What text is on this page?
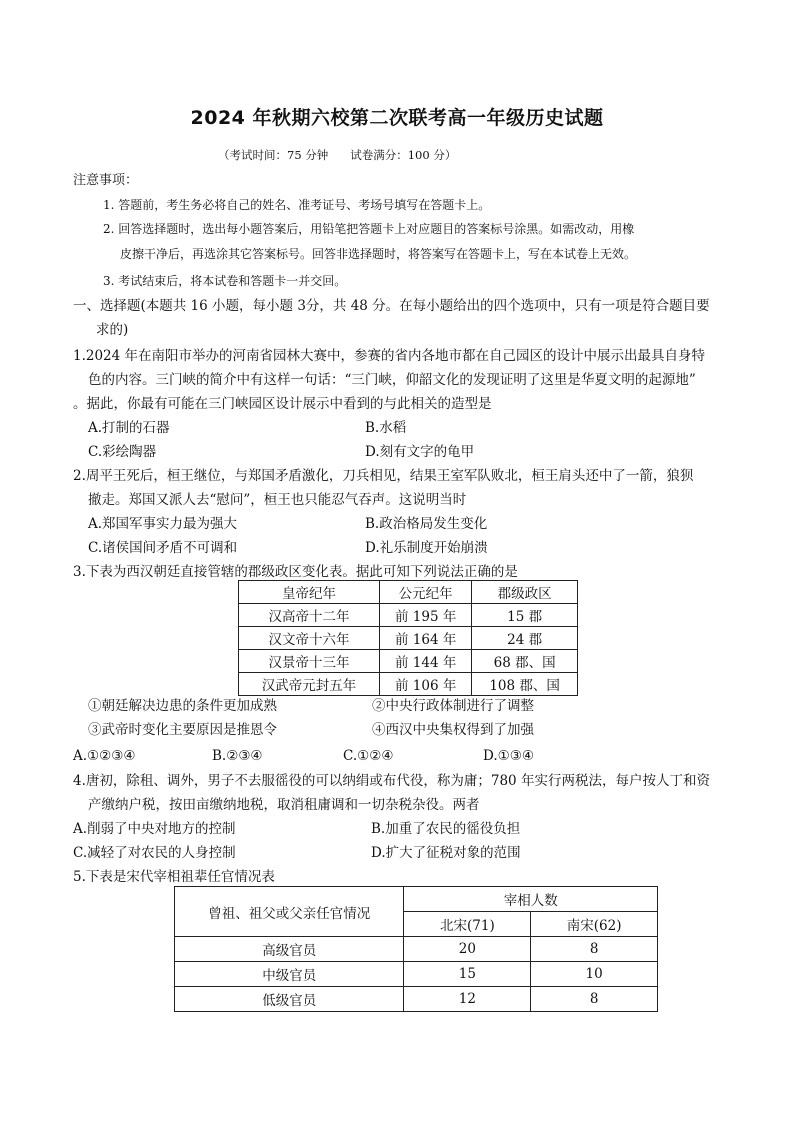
2024 年秋期六校第二次联考高一年级历史试题
（考试时间：75 分钟 试卷满分：100 分）
注意事项：
1. 答题前，考生务必将自己的姓名、准考证号、考场号填写在答题卡上。
2. 回答选择题时，选出每小题答案后，用铅笔把答题卡上对应题目的答案标号涂黑。如需改动，用橡
皮擦干净后，再选涂其它答案标号。回答非选择题时，将答案写在答题卡上，写在本试卷上无效。
3. 考试结束后，将本试卷和答题卡一并交回。
一、选择题(本题共 16 小题，每小题 3分，共 48 分。在每小题给出的四个选项中，只有一项是符合题目要
求的)
1.2024 年在南阳市举办的河南省园林大赛中，参赛的省内各地市都在自己园区的设计中展示出最具自身特
色的内容。三门峡的简介中有这样一句话：“三门峡，仰韶文化的发现证明了这里是华夏文明的起源地”
。据此，你最有可能在三门峡园区设计展示中看到的与此相关的造型是
A.打制的石器	B.水稻
C.彩绘陶器	D.刻有文字的龟甲
2.周平王死后，桓王继位，与郑国矛盾激化，刀兵相见，结果王室军队败北，桓王肩头还中了一箭，狼狈
撤走。郑国又派人去“慰问”，桓王也只能忍气吞声。这说明当时
A.郑国军事实力最为强大	B.政治格局发生变化
C.诸侯国间矛盾不可调和	D.礼乐制度开始崩溃
3.下表为西汉朝廷直接管辖的郡级政区变化表。据此可知下列说法正确的是
皇帝纪年	公元纪年	郡级政区
汉高帝十二年	前 195 年	15 郡
汉文帝十六年	前 164 年	24 郡
汉景帝十三年	前 144 年	68 郡、国
汉武帝元封五年	前 106 年	108 郡、国
①朝廷解决边患的条件更加成熟	②中央行政体制进行了调整
③武帝时变化主要原因是推恩令	④西汉中央集权得到了加强
A.①②③④	B.②③④	C.①②④	D.①③④
4.唐初，除租、调外，男子不去服徭役的可以纳绢或布代役，称为庸；780 年实行两税法，每户按人丁和资
产缴纳户税，按田亩缴纳地税，取消租庸调和一切杂税杂役。两者
A.削弱了中央对地方的控制	B.加重了农民的徭役负担
C.减轻了对农民的人身控制	D.扩大了征税对象的范围
5.下表是宋代宰相祖辈任官情况表
曾祖、祖父或父亲任官情况	宰相人数	
	北宋(71)	南宋(62)
高级官员	20	8
中级官员	15	10
低级官员	12	8
